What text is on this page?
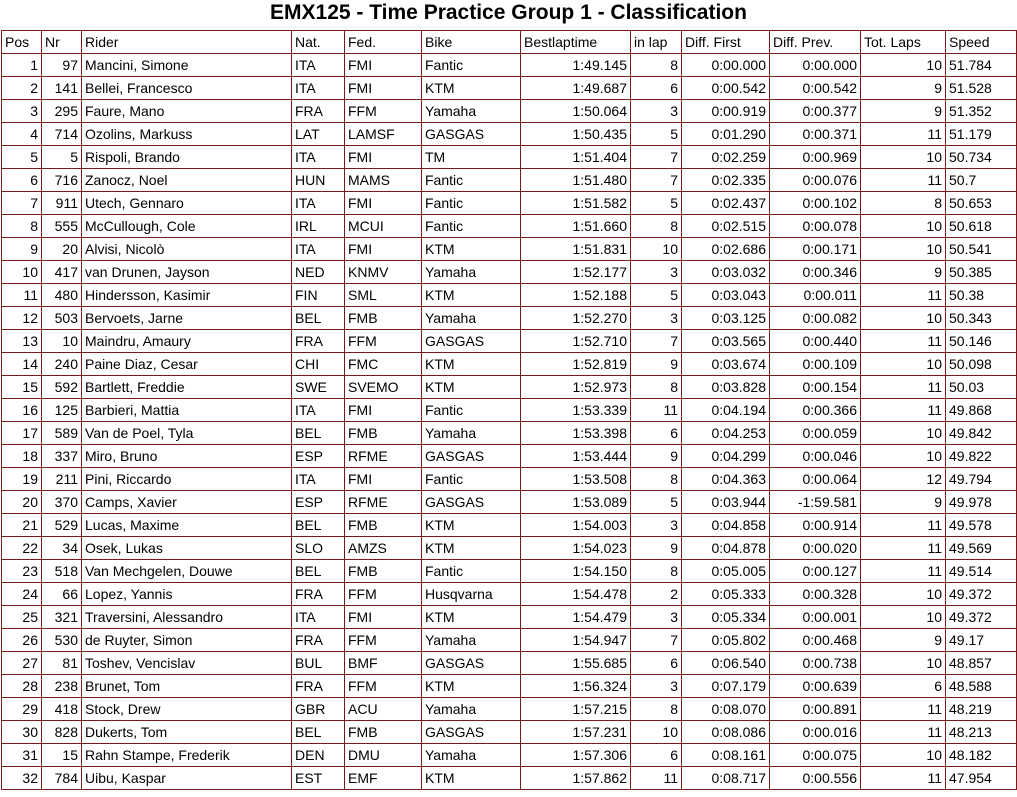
EMX125 - Time Practice Group 1 - Classification
Pos	Nr	Rider	Nat.	Fed.	Bike	Bestlaptime	in lap	Diff. First	Diff. Prev.	Tot. Laps	Speed
1	97	Mancini, Simone	ITA	FMI	Fantic	1:49.145	8	0:00.000	0:00.000	10	51.784
2	141	Bellei, Francesco	ITA	FMI	KTM	1:49.687	6	0:00.542	0:00.542	9	51.528
3	295	Faure, Mano	FRA	FFM	Yamaha	1:50.064	3	0:00.919	0:00.377	9	51.352
4	714	Ozolins, Markuss	LAT	LAMSF	GASGAS	1:50.435	5	0:01.290	0:00.371	11	51.179
5	5	Rispoli, Brando	ITA	FMI	TM	1:51.404	7	0:02.259	0:00.969	10	50.734
6	716	Zanocz, Noel	HUN	MAMS	Fantic	1:51.480	7	0:02.335	0:00.076	11	50.7
7	911	Utech, Gennaro	ITA	FMI	Fantic	1:51.582	5	0:02.437	0:00.102	8	50.653
8	555	McCullough, Cole	IRL	MCUI	Fantic	1:51.660	8	0:02.515	0:00.078	10	50.618
9	20	Alvisi, Nicolò	ITA	FMI	KTM	1:51.831	10	0:02.686	0:00.171	10	50.541
10	417	van Drunen, Jayson	NED	KNMV	Yamaha	1:52.177	3	0:03.032	0:00.346	9	50.385
11	480	Hindersson, Kasimir	FIN	SML	KTM	1:52.188	5	0:03.043	0:00.011	11	50.38
12	503	Bervoets, Jarne	BEL	FMB	Yamaha	1:52.270	3	0:03.125	0:00.082	10	50.343
13	10	Maindru, Amaury	FRA	FFM	GASGAS	1:52.710	7	0:03.565	0:00.440	11	50.146
14	240	Paine Diaz, Cesar	CHI	FMC	KTM	1:52.819	9	0:03.674	0:00.109	10	50.098
15	592	Bartlett, Freddie	SWE	SVEMO	KTM	1:52.973	8	0:03.828	0:00.154	11	50.03
16	125	Barbieri, Mattia	ITA	FMI	Fantic	1:53.339	11	0:04.194	0:00.366	11	49.868
17	589	Van de Poel, Tyla	BEL	FMB	Yamaha	1:53.398	6	0:04.253	0:00.059	10	49.842
18	337	Miro, Bruno	ESP	RFME	GASGAS	1:53.444	9	0:04.299	0:00.046	10	49.822
19	211	Pini, Riccardo	ITA	FMI	Fantic	1:53.508	8	0:04.363	0:00.064	12	49.794
20	370	Camps, Xavier	ESP	RFME	GASGAS	1:53.089	5	0:03.944	-1:59.581	9	49.978
21	529	Lucas, Maxime	BEL	FMB	KTM	1:54.003	3	0:04.858	0:00.914	11	49.578
22	34	Osek, Lukas	SLO	AMZS	KTM	1:54.023	9	0:04.878	0:00.020	11	49.569
23	518	Van Mechgelen, Douwe	BEL	FMB	Fantic	1:54.150	8	0:05.005	0:00.127	11	49.514
24	66	Lopez, Yannis	FRA	FFM	Husqvarna	1:54.478	2	0:05.333	0:00.328	10	49.372
25	321	Traversini, Alessandro	ITA	FMI	KTM	1:54.479	3	0:05.334	0:00.001	10	49.372
26	530	de Ruyter, Simon	FRA	FFM	Yamaha	1:54.947	7	0:05.802	0:00.468	9	49.17
27	81	Toshev, Vencislav	BUL	BMF	GASGAS	1:55.685	6	0:06.540	0:00.738	10	48.857
28	238	Brunet, Tom	FRA	FFM	KTM	1:56.324	3	0:07.179	0:00.639	6	48.588
29	418	Stock, Drew	GBR	ACU	Yamaha	1:57.215	8	0:08.070	0:00.891	11	48.219
30	828	Dukerts, Tom	BEL	FMB	GASGAS	1:57.231	10	0:08.086	0:00.016	11	48.213
31	15	Rahn Stampe, Frederik	DEN	DMU	Yamaha	1:57.306	6	0:08.161	0:00.075	10	48.182
32	784	Uibu, Kaspar	EST	EMF	KTM	1:57.862	11	0:08.717	0:00.556	11	47.954
